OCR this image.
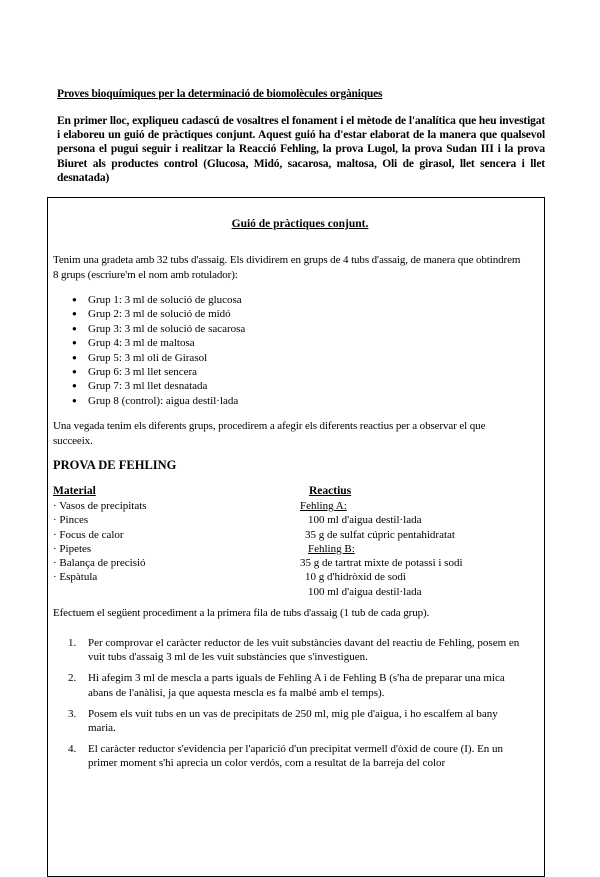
Proves bioquímiques per la determinació de biomolècules orgàniques
En primer lloc, expliqueu cadascú de vosaltres el fonament i el mètode de l'analítica que heu investigat i elaboreu un guió de pràctiques conjunt. Aquest guió ha d'estar elaborat de la manera que qualsevol persona el pugui seguir i realitzar la Reacció Fehling, la prova Lugol, la prova Sudan III i la prova Biuret als productes control (Glucosa, Midó, sacarosa, maltosa, Oli de girasol, llet sencera i llet desnatada)
Guió de pràctiques conjunt.
Tenim una gradeta amb 32 tubs d'assaig. Els dividirem en grups de 4 tubs d'assaig, de manera que obtindrem 8 grups (escriure'm el nom amb rotulador):
● Grup 1: 3 ml de solució de glucosa
● Grup 2: 3 ml de solució de midó
● Grup 3: 3 ml de solució de sacarosa
● Grup 4: 3 ml de maltosa
● Grup 5: 3 ml oli de Girasol
● Grup 6: 3 ml llet sencera
● Grup 7: 3 ml llet desnatada
● Grup 8 (control): aigua destil·lada
Una vegada tenim els diferents grups, procedirem a afegir els diferents reactius per a observar el que succeeix.
PROVA DE FEHLING
Material	Reactius
· Vasos de precipitats
· Pinces
· Focus de calor
· Pipetes
· Balança de precisió
· Espàtula
Fehling A:
100 ml d'aigua destil·lada
35 g de sulfat cúpric pentahidratat
Fehling B:
35 g de tartrat mixte de potassi i sodi
10 g d'hidròxid de sodi
100 ml d'aigua destil·lada
Efectuem el següent procediment a la primera fila de tubs d'assaig (1 tub de cada grup).
1. Per comprovar el caràcter reductor de les vuit substàncies davant del reactiu de Fehling, posem en vuit tubs d'assaig 3 ml de les vuit substàncies que s'investiguen.
2. Hi afegim 3 ml de mescla a parts iguals de Fehling A i de Fehling B (s'ha de preparar una mica abans de l'anàlisi, ja que aquesta mescla es fa malbé amb el temps).
3. Posem els vuit tubs en un vas de precipitats de 250 ml, mig ple d'aigua, i ho escalfem al bany maria.
4. El caràcter reductor s'evidencia per l'aparició d'un precipitat vermell d'òxid de coure (I). En un primer moment s'hi aprecia un color verdós, com a resultat de la barreja del color
